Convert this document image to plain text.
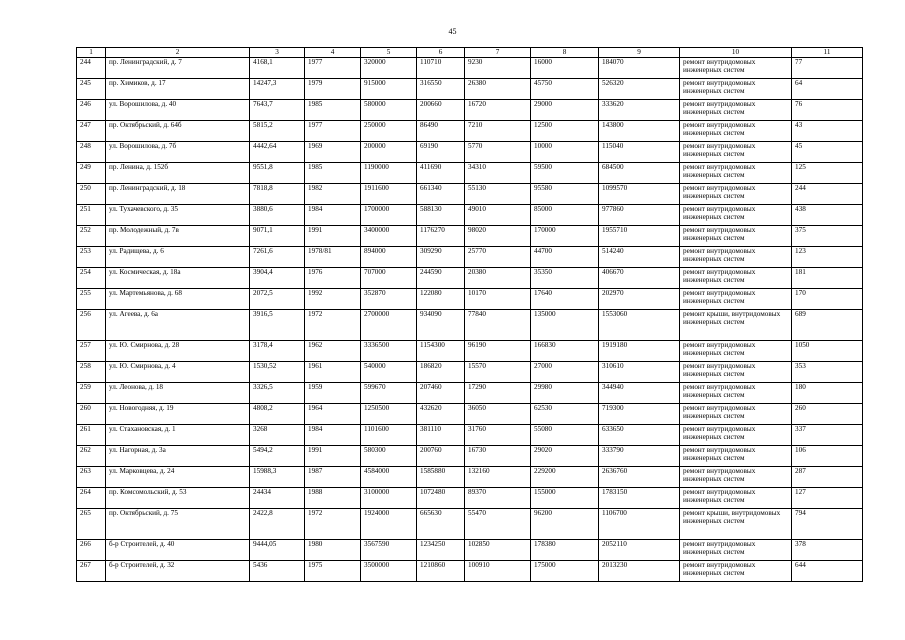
45
1	2	3	4	5	6	7	8	9	10	11
244	пр. Ленинградский, д. 7	4168,1	1977	320000	110710	9230	16000	184070	ремонт внутридомовых инженерных систем	77
245	пр. Химиков, д. 17	14247,3	1979	915000	316550	26380	45750	526320	ремонт внутридомовых инженерных систем	64
246	ул. Ворошилова, д. 40	7643,7	1985	580000	200660	16720	29000	333620	ремонт внутридомовых инженерных систем	76
247	пр. Октябрьский, д. 64б	5815,2	1977	250000	86490	7210	12500	143800	ремонт внутридомовых инженерных систем	43
248	ул. Ворошилова, д. 7б	4442,64	1969	200000	69190	5770	10000	115040	ремонт внутридомовых инженерных систем	45
249	пр. Ленина, д. 152б	9551,8	1985	1190000	411690	34310	59500	684500	ремонт внутридомовых инженерных систем	125
250	пр. Ленинградский, д. 18	7818,8	1982	1911600	661340	55130	95580	1099570	ремонт внутридомовых инженерных систем	244
251	ул. Тухачевского, д. 35	3880,6	1984	1700000	588130	49010	85000	977860	ремонт внутридомовых инженерных систем	438
252	пр. Молодежный, д. 7в	9071,1	1991	3400000	1176270	98020	170000	1955710	ремонт внутридомовых инженерных систем	375
253	ул. Радищева, д. 6	7261,6	1978/81	894000	309290	25770	44700	514240	ремонт внутридомовых инженерных систем	123
254	ул. Космическая, д. 18а	3904,4	1976	707000	244590	20380	35350	406670	ремонт внутридомовых инженерных систем	181
255	ул. Мартемьянова, д. 68	2072,5	1992	352870	122080	10170	17640	202970	ремонт внутридомовых инженерных систем	170
256	ул. Агеева, д. 6а	3916,5	1972	2700000	934090	77840	135000	1553060	ремонт крыши, внутридомовых инженерных систем	689
257	ул. Ю. Смирнова, д. 28	3178,4	1962	3336500	1154300	96190	166830	1919180	ремонт внутридомовых инженерных систем	1050
258	ул. Ю. Смирнова, д. 4	1530,52	1961	540000	186820	15570	27000	310610	ремонт внутридомовых инженерных систем	353
259	ул. Леонова, д. 18	3326,5	1959	599670	207460	17290	29980	344940	ремонт внутридомовых инженерных систем	180
260	ул. Новогодняя, д. 19	4808,2	1964	1250500	432620	36050	62530	719300	ремонт внутридомовых инженерных систем	260
261	ул. Стахановская, д. 1	3268	1984	1101600	381110	31760	55080	633650	ремонт внутридомовых инженерных систем	337
262	ул. Нагорная, д. 3а	5494,2	1991	580300	200760	16730	29020	333790	ремонт внутридомовых инженерных систем	106
263	ул. Марковцева, д. 24	15988,3	1987	4584000	1585880	132160	229200	2636760	ремонт внутридомовых инженерных систем	287
264	пр. Комсомольский, д. 53	24434	1988	3100000	1072480	89370	155000	1783150	ремонт внутридомовых инженерных систем	127
265	пр. Октябрьский, д. 75	2422,8	1972	1924000	665630	55470	96200	1106700	ремонт крыши, внутридомовых инженерных систем	794
266	б-р Строителей, д. 40	9444,05	1980	3567590	1234250	102850	178380	2052110	ремонт внутридомовых инженерных систем	378
267	б-р Строителей, д. 32	5436	1975	3500000	1210860	100910	175000	2013230	ремонт внутридомовых инженерных систем	644
